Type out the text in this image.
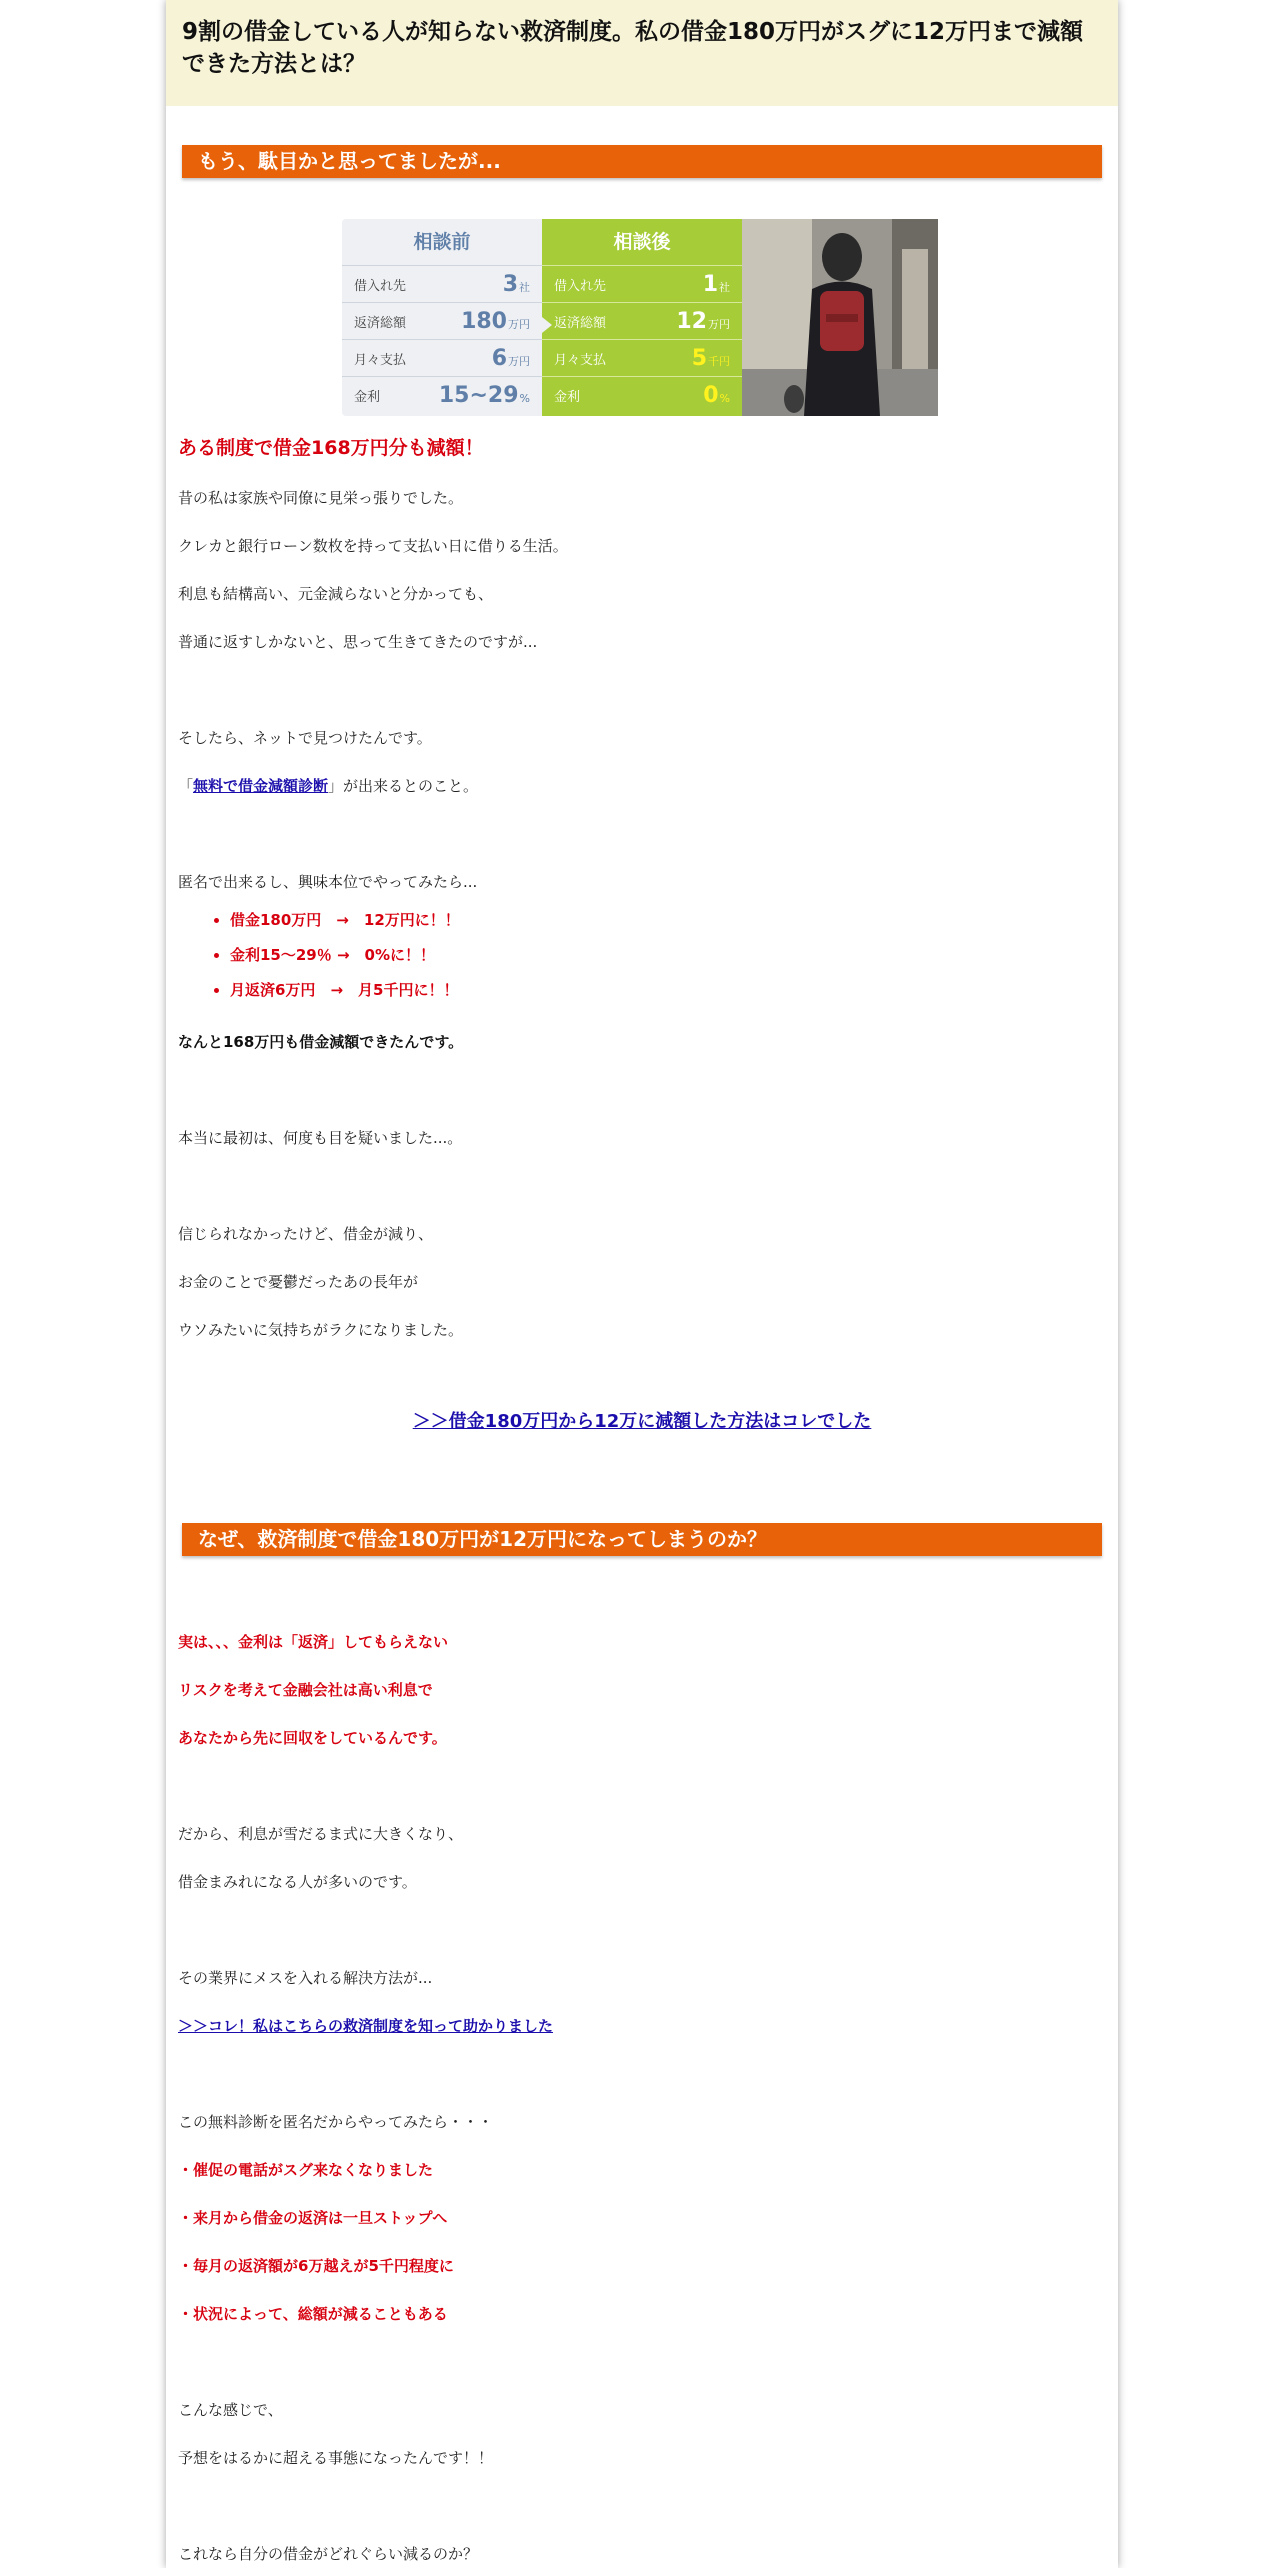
9割の借金している人が知らない救済制度。私の借金180万円がスグに12万円まで減額できた方法とは？
もう、駄目かと思ってましたが...
相談前
借入れ先	3社
返済総額	180万円
月々支払	6万円
金利	15~29%
相談後
借入れ先	1社
返済総額	12万円
月々支払	5千円
金利	0%
ある制度で借金168万円分も減額！
昔の私は家族や同僚に見栄っ張りでした。
クレカと銀行ローン数枚を持って支払い日に借りる生活。
利息も結構高い、元金減らないと分かっても、
普通に返すしかないと、思って生きてきたのですが...
そしたら、ネットで見つけたんです。
「無料で借金減額診断」が出来るとのこと。
匿名で出来るし、興味本位でやってみたら...
• 借金180万円　→　12万円に！！
• 金利15〜29％ →　0%に！！
• 月返済6万円　→　月5千円に！！
なんと168万円も借金減額できたんです。
本当に最初は、何度も目を疑いました...。
信じられなかったけど、借金が減り、
お金のことで憂鬱だったあの長年が
ウソみたいに気持ちがラクになりました。
＞＞借金180万円から12万に減額した方法はコレでした
なぜ、救済制度で借金180万円が12万円になってしまうのか？
実は、、、金利は「返済」してもらえない
リスクを考えて金融会社は高い利息で
あなたから先に回収をしているんです。
だから、利息が雪だるま式に大きくなり、
借金まみれになる人が多いのです。
その業界にメスを入れる解決方法が...
＞＞コレ！私はこちらの救済制度を知って助かりました
この無料診断を匿名だからやってみたら・・・
・催促の電話がスグ来なくなりました
・来月から借金の返済は一旦ストップへ
・毎月の返済額が6万越えが5千円程度に
・状況によって、総額が減ることもある
こんな感じで、
予想をはるかに超える事態になったんです！！
これなら自分の借金がどれぐらい減るのか？
